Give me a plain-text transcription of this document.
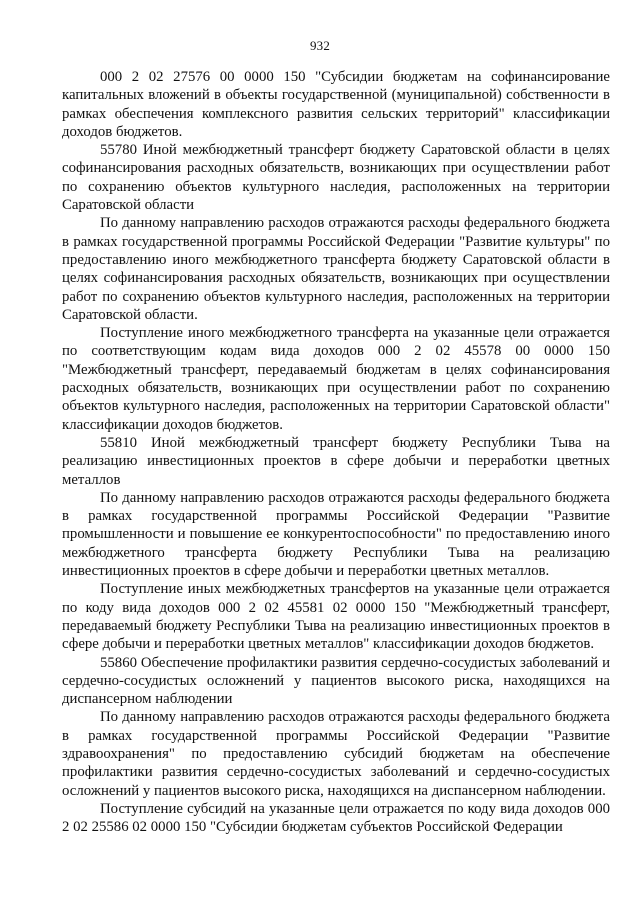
932

000 2 02 27576 00 0000 150 "Субсидии бюджетам на софинансирование капитальных вложений в объекты государственной (муниципальной) собственности в рамках обеспечения комплексного развития сельских территорий" классификации доходов бюджетов.

55780 Иной межбюджетный трансферт бюджету Саратовской области в целях софинансирования расходных обязательств, возникающих при осуществлении работ по сохранению объектов культурного наследия, расположенных на территории Саратовской области

По данному направлению расходов отражаются расходы федерального бюджета в рамках государственной программы Российской Федерации "Развитие культуры" по предоставлению иного межбюджетного трансферта бюджету Саратовской области в целях софинансирования расходных обязательств, возникающих при осуществлении работ по сохранению объектов культурного наследия, расположенных на территории Саратовской области.

Поступление иного межбюджетного трансферта на указанные цели отражается по соответствующим кодам вида доходов 000 2 02 45578 00 0000 150 "Межбюджетный трансферт, передаваемый бюджетам в целях софинансирования расходных обязательств, возникающих при осуществлении работ по сохранению объектов культурного наследия, расположенных на территории Саратовской области" классификации доходов бюджетов.

55810 Иной межбюджетный трансферт бюджету Республики Тыва на реализацию инвестиционных проектов в сфере добычи и переработки цветных металлов

По данному направлению расходов отражаются расходы федерального бюджета в рамках государственной программы Российской Федерации "Развитие промышленности и повышение ее конкурентоспособности" по предоставлению иного межбюджетного трансферта бюджету Республики Тыва на реализацию инвестиционных проектов в сфере добычи и переработки цветных металлов.

Поступление иных межбюджетных трансфертов на указанные цели отражается по коду вида доходов 000 2 02 45581 02 0000 150 "Межбюджетный трансферт, передаваемый бюджету Республики Тыва на реализацию инвестиционных проектов в сфере добычи и переработки цветных металлов" классификации доходов бюджетов.

55860 Обеспечение профилактики развития сердечно-сосудистых заболеваний и сердечно-сосудистых осложнений у пациентов высокого риска, находящихся на диспансерном наблюдении

По данному направлению расходов отражаются расходы федерального бюджета в рамках государственной программы Российской Федерации "Развитие здравоохранения" по предоставлению субсидий бюджетам на обеспечение профилактики развития сердечно-сосудистых заболеваний и сердечно-сосудистых осложнений у пациентов высокого риска, находящихся на диспансерном наблюдении.

Поступление субсидий на указанные цели отражается по коду вида доходов 000 2 02 25586 02 0000 150 "Субсидии бюджетам субъектов Российской Федерации
